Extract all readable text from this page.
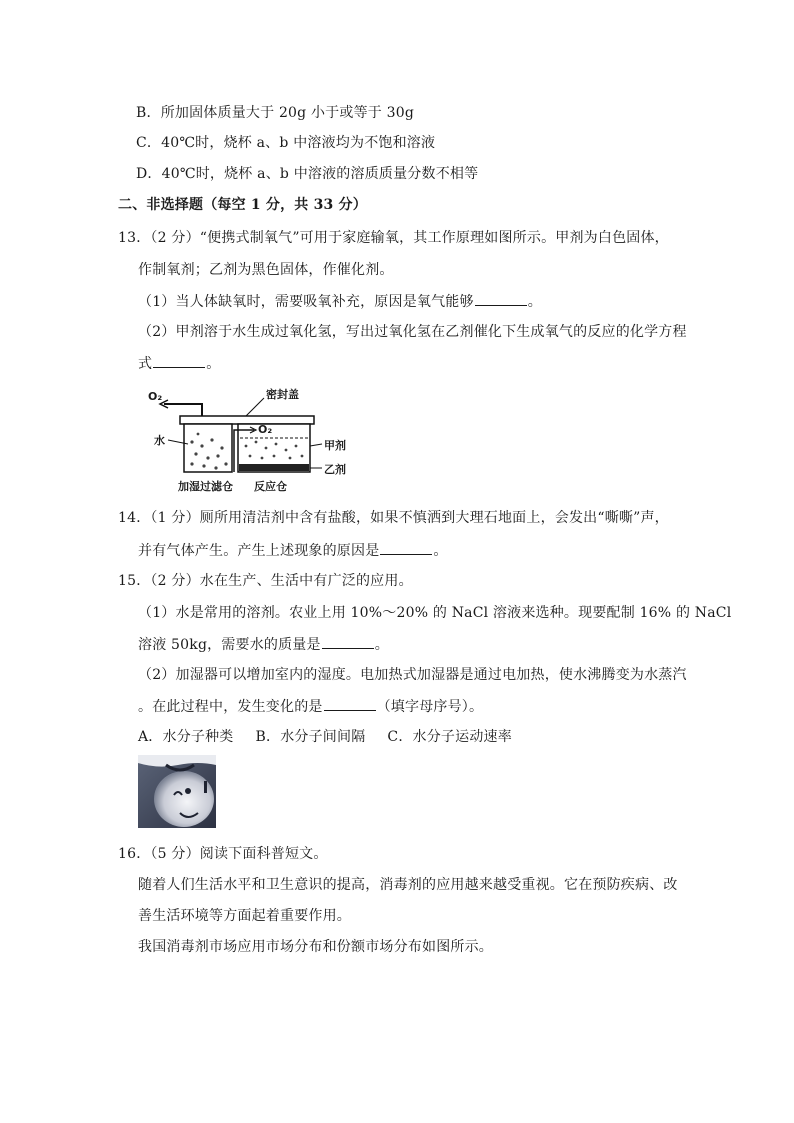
B．所加固体质量大于 20g 小于或等于 30g
C．40℃时，烧杯 a、b 中溶液均为不饱和溶液
D．40℃时，烧杯 a、b 中溶液的溶质质量分数不相等
二、非选择题（每空 1 分，共 33 分）
13．（2 分）“便携式制氧气”可用于家庭输氧，其工作原理如图所示。甲剂为白色固体，
作制氧剂；乙剂为黑色固体，作催化剂。
（1）当人体缺氧时，需要吸氧补充，原因是氧气能够	。
（2）甲剂溶于水生成过氧化氢，写出过氧化氢在乙剂催化下生成氧气的反应的化学方程
式	。
O₂	密封盖
O₂
水	甲剂
乙剂
加湿过滤仓 反应仓
14．（1 分）厕所用清洁剂中含有盐酸，如果不慎洒到大理石地面上，会发出“嘶嘶”声，
并有气体产生。产生上述现象的原因是	。
15．（2 分）水在生产、生活中有广泛的应用。
（1）水是常用的溶剂。农业上用 10%～20% 的 NaCl 溶液来选种。现要配制 16% 的 NaCl
溶液 50kg，需要水的质量是	。
（2）加湿器可以增加室内的湿度。电加热式加湿器是通过电加热，使水沸腾变为水蒸汽
。在此过程中，发生变化的是	（填字母序号）。
A．水分子种类 B．水分子间间隔 C．水分子运动速率
16．（5 分）阅读下面科普短文。
随着人们生活水平和卫生意识的提高，消毒剂的应用越来越受重视。它在预防疾病、改
善生活环境等方面起着重要作用。
我国消毒剂市场应用市场分布和份额市场分布如图所示。
